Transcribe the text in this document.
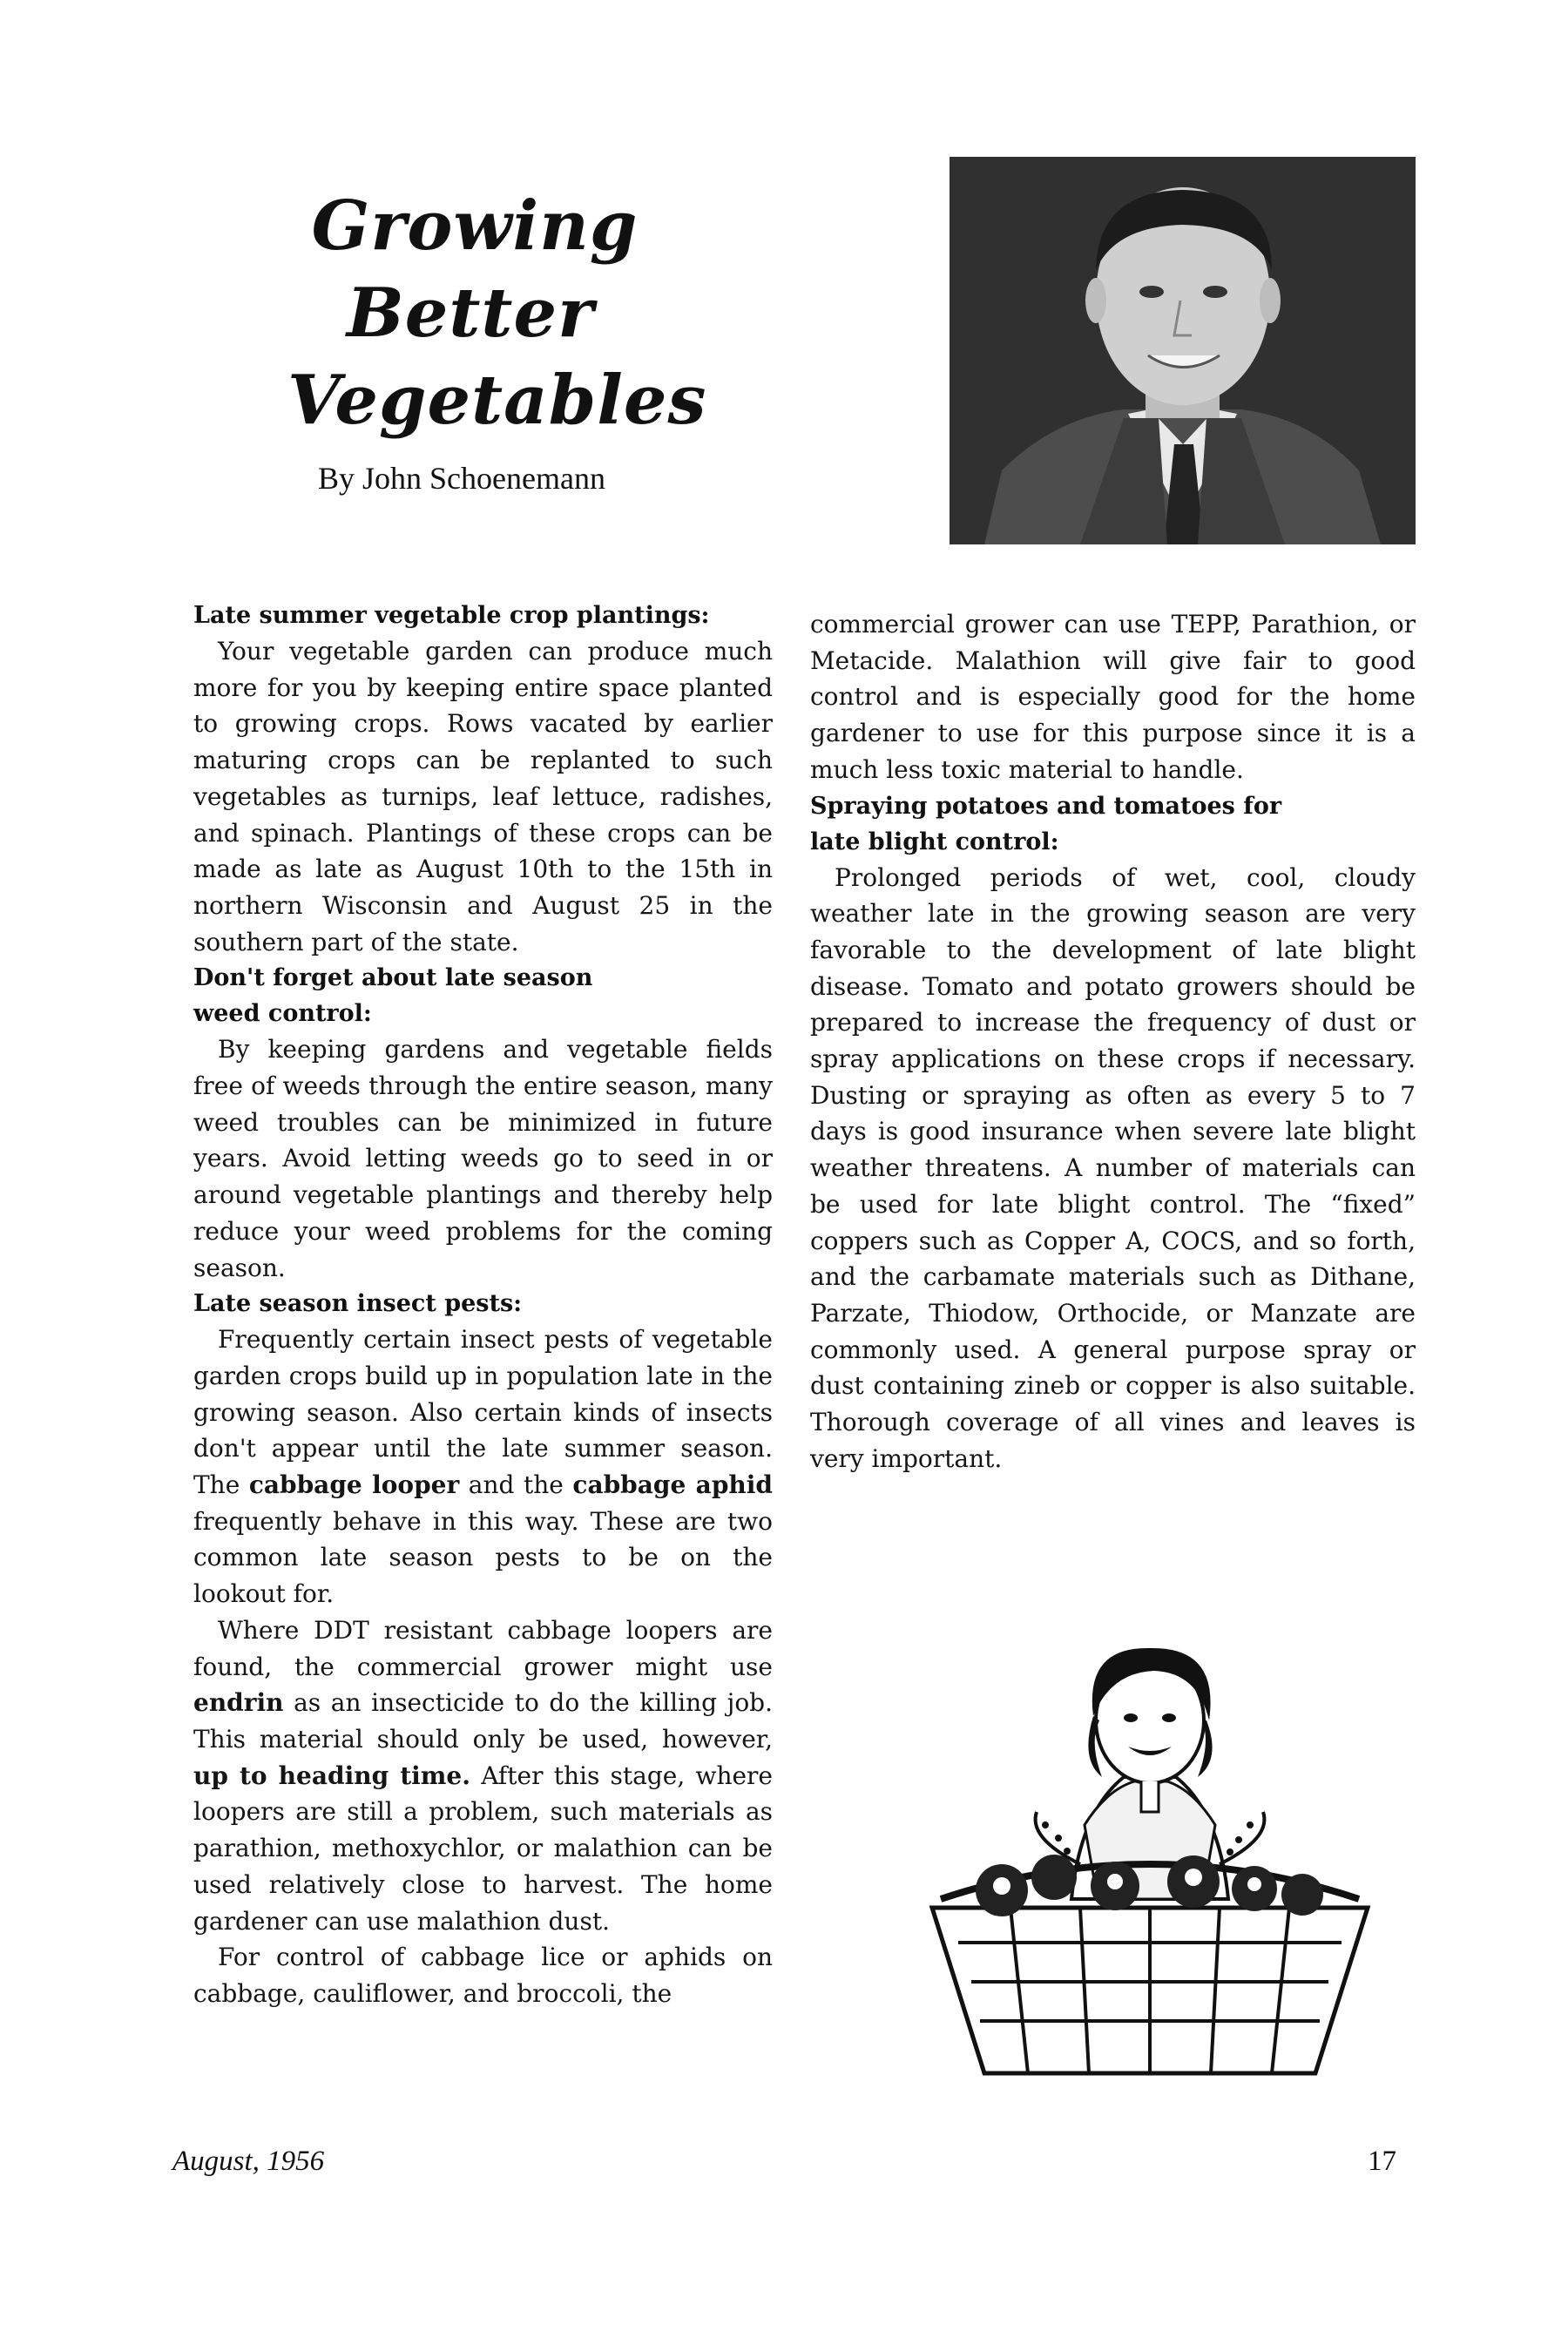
Growing
Better Vegetables
By John Schoenemann
Late summer vegetable crop plantings:

Your vegetable garden can produce much more for you by keeping entire space planted to growing crops. Rows vacated by earlier maturing crops can be replanted to such vegetables as turnips, leaf lettuce, radishes, and spinach. Plantings of these crops can be made as late as August 10th to the 15th in northern Wisconsin and August 25 in the southern part of the state.

Don't forget about late season
weed control:

By keeping gardens and vegetable fields free of weeds through the entire season, many weed troubles can be minimized in future years. Avoid letting weeds go to seed in or around vegetable plantings and thereby help reduce your weed problems for the coming season.

Late season insect pests:

Frequently certain insect pests of vegetable garden crops build up in population late in the growing season. Also certain kinds of insects don't appear until the late summer season. The cabbage looper and the cabbage aphid frequently behave in this way. These are two common late season pests to be on the lookout for.

Where DDT resistant cabbage loopers are found, the commercial grower might use endrin as an insecticide to do the killing job. This material should only be used, however, up to heading time. After this stage, where loopers are still a problem, such materials as parathion, methoxychlor, or malathion can be used relatively close to harvest. The home gardener can use malathion dust.

For control of cabbage lice or aphids on cabbage, cauliflower, and broccoli, the

commercial grower can use TEPP, Parathion, or Metacide. Malathion will give fair to good control and is especially good for the home gardener to use for this purpose since it is a much less toxic material to handle.

Spraying potatoes and tomatoes for
late blight control:

Prolonged periods of wet, cool, cloudy weather late in the growing season are very favorable to the development of late blight disease. Tomato and potato growers should be prepared to increase the frequency of dust or spray applications on these crops if necessary. Dusting or spraying as often as every 5 to 7 days is good insurance when severe late blight weather threatens. A number of materials can be used for late blight control. The “fixed” coppers such as Copper A, COCS, and so forth, and the carbamate materials such as Dithane, Parzate, Thiodow, Orthocide, or Manzate are commonly used. A general purpose spray or dust containing zineb or copper is also suitable. Thorough coverage of all vines and leaves is very important.

August, 1956	17
